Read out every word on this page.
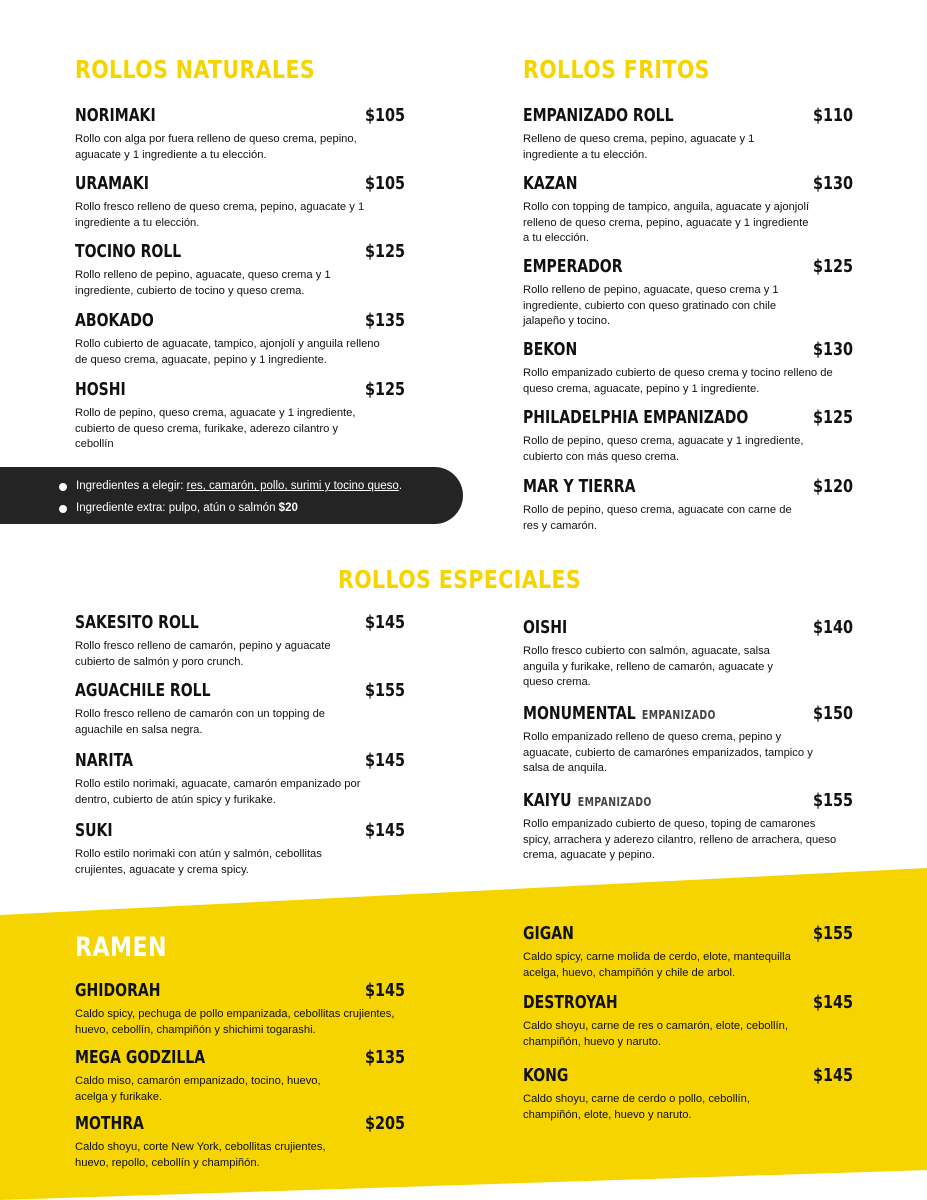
ROLLOS NATURALES
NORIMAKI	$105
Rollo con alga por fuera relleno de queso crema, pepino, aguacate y 1 ingrediente a tu elección.
URAMAKI	$105
Rollo fresco relleno de queso crema, pepino, aguacate y 1 ingrediente a tu elección.
TOCINO ROLL	$125
Rollo relleno de pepino, aguacate, queso crema y 1 ingrediente, cubierto de tocino y queso crema.
ABOKADO	$135
Rollo cubierto de aguacate, tampico, ajonjolí y anguila relleno de queso crema, aguacate, pepino y 1 ingrediente.
HOSHI	$125
Rollo de pepino, queso crema, aguacate y 1 ingrediente, cubierto de queso crema, furikake, aderezo cilantro y cebollín
Ingredientes a elegir: res, camarón, pollo, surimi y tocino queso.
Ingrediente extra: pulpo, atún o salmón $20
ROLLOS FRITOS
EMPANIZADO ROLL	$110
Relleno de queso crema, pepino, aguacate y 1 ingrediente a tu elección.
KAZAN	$130
Rollo con topping de tampico, anguila, aguacate y ajonjolí relleno de queso crema, pepino, aguacate y 1 ingrediente a tu elección.
EMPERADOR	$125
Rollo relleno de pepino, aguacate, queso crema y 1 ingrediente, cubierto con queso gratinado con chile jalapeño y tocino.
BEKON	$130
Rollo empanizado cubierto de queso crema y tocino relleno de queso crema, aguacate, pepino y 1 ingrediente.
PHILADELPHIA EMPANIZADO	$125
Rollo de pepino, queso crema, aguacate y 1 ingrediente, cubierto con más queso crema.
MAR Y TIERRA	$120
Rollo de pepino, queso crema, aguacate con carne de res y camarón.
ROLLOS ESPECIALES
SAKESITO ROLL	$145
Rollo fresco relleno de camarón, pepino y aguacate cubierto de salmón y poro crunch.
AGUACHILE ROLL	$155
Rollo fresco relleno de camarón con un topping de aguachile en salsa negra.
NARITA	$145
Rollo estilo norimaki, aguacate, camarón empanizado por dentro, cubierto de atún spicy y furikake.
SUKI	$145
Rollo estilo norimaki con atún y salmón, cebollitas crujientes, aguacate y crema spicy.
OISHI	$140
Rollo fresco cubierto con salmón, aguacate, salsa anguila y furikake, relleno de camarón, aguacate y queso crema.
MONUMENTAL EMPANIZADO	$150
Rollo empanizado relleno de queso crema, pepino y aguacate, cubierto de camarónes empanizados, tampico y salsa de anquila.
KAIYU EMPANIZADO	$155
Rollo empanizado cubierto de queso, toping de camarones spicy, arrachera y aderezo cilantro, relleno de arrachera, queso crema, aguacate y pepino.
RAMEN
GHIDORAH	$145
Caldo spicy, pechuga de pollo empanizada, cebollitas crujientes, huevo, cebollín, champiñón y shichimi togarashi.
MEGA GODZILLA	$135
Caldo miso, camarón empanizado, tocino, huevo, acelga y furikake.
MOTHRA	$205
Caldo shoyu, corte New York, cebollitas crujientes, huevo, repollo, cebollín y champiñón.
GIGAN	$155
Caldo spicy, carne molida de cerdo, elote, mantequilla acelga, huevo, champiñón y chile de arbol.
DESTROYAH	$145
Caldo shoyu, carne de res o camarón, elote, cebollín, champiñón, huevo y naruto.
KONG	$145
Caldo shoyu, carne de cerdo o pollo, cebollín, champiñón, elote, huevo y naruto.
